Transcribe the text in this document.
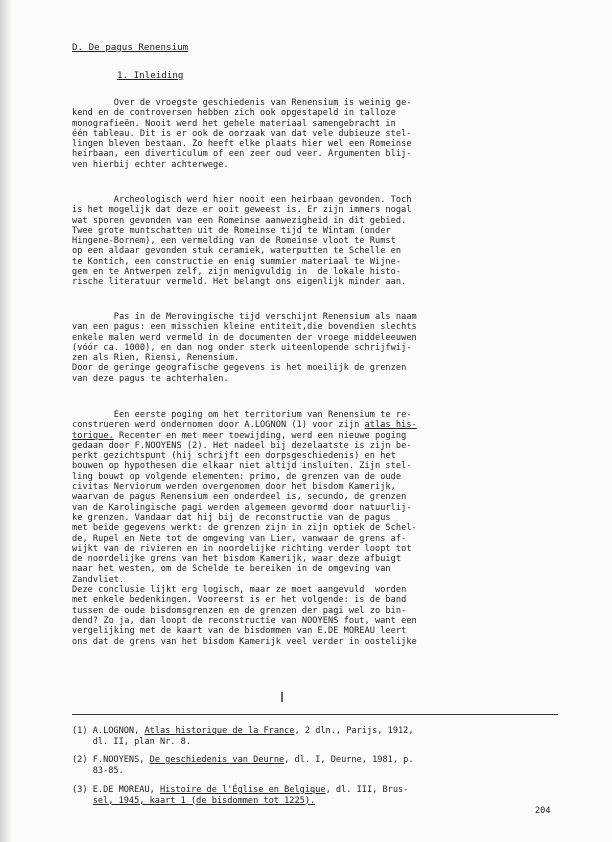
D. De pagus Renensium
1. Inleiding
Over de vroegste geschiedenis van Renensium is weinig ge-
kend en de controversen hebben zich ook opgestapeld in talloze
monografieën. Nooit werd het gehele materiaal samengebracht in
één tableau. Dit is er ook de oorzaak van dat vele dubieuze stel-
lingen bleven bestaan. Zo heeft elke plaats hier wel een Romeinse
heirbaan, een diverticulum of een zeer oud veer. Argumenten blij-
ven hierbij echter achterwege.
Archeologisch werd hier nooit een heirbaan gevonden. Toch
is het mogelijk dat deze er ooit geweest is. Er zijn immers nogal
wat sporen gevonden van een Romeinse aanwezigheid in dit gebied.
Twee grote muntschatten uit de Romeinse tijd te Wintam (onder
Hingene-Bornem), een vermelding van de Romeinse vloot te Rumst
op een aldaar gevonden stuk ceramiek, waterputten te Schelle en
te Kontich, een constructie en enig summier materiaal te Wijne-
gem en te Antwerpen zelf, zijn menigvuldig in  de lokale histo-
rische literatuur vermeld. Het belangt ons eigenlijk minder aan.
Pas in de Merovingische tijd verschijnt Renensium als naam
van een pagus: een misschien kleine entiteit,die bovendien slechts
enkele malen werd vermeld in de documenten der vroege middeleeuwen
(vóór ca. 1000), en dan nog onder sterk uiteenlopende schrijfwij-
zen als Rien, Riensi, Renensium.
Door de geringe geografische gegevens is het moeilijk de grenzen
van deze pagus te achterhalen.
Een eerste poging om het territorium van Renensium te re-
construeren werd ondernomen door A.LOGNON (1) voor zijn atlas his-
torique. Recenter en met meer toewijding, werd een nieuwe poging
gedaan door F.NOOYENS (2). Het nadeel bij dezelaatste is zijn be-
perkt gezichtspunt (hij schrijft een dorpsgeschiedenis) en het
bouwen op hypothesen die elkaar niet altijd insluiten. Zijn stel-
ling bouwt op volgende elementen: primo, de grenzen van de oude
civitas Nerviorum werden overgenomen door het bisdom Kamerijk,
waarvan de pagus Renensium een onderdeel is, secundo, de grenzen
van de Karolingische pagi werden algemeen gevormd door natuurlij-
ke grenzen. Vandaar dat hij bij de reconstructie van de pagus
met beide gegevens werkt: de grenzen zijn in zijn optiek de Schel-
de, Rupel en Nete tot de omgeving van Lier, vanwaar de grens af-
wijkt van de rivieren en in noordelijke richting verder loopt tot
de noordelijke grens van het bisdom Kamerijk, waar deze afbuigt
naar het westen, om de Schelde te bereiken in de omgeving van
Zandvliet.
Deze conclusie lijkt erg logisch, maar ze moet aangevuld  worden
met enkele bedenkingen. Vooreerst is er het volgende: is de band
tussen de oude bisdomsgrenzen en de grenzen der pagi wel zo bin-
dend? Zo ja, dan loopt de reconstructie van NOOYENS fout, want een
vergelijking met de kaart van de bisdommen van E.DE MOREAU leert
ons dat de grens van het bisdom Kamerijk veel verder in oostelijke
(1) A.LOGNON, Atlas historique de la France, 2 dln., Parijs, 1912,
dl. II, plan Nr. 8.
(2) F.NOOYENS, De geschiedenis van Deurne, dl. I, Deurne, 1981, p.
83-85.
(3) E.DE MOREAU, Histoire de l'Église en Belgique, dl. III, Brus-
sel, 1945, kaart 1 (de bisdommen tot 1225).
204
